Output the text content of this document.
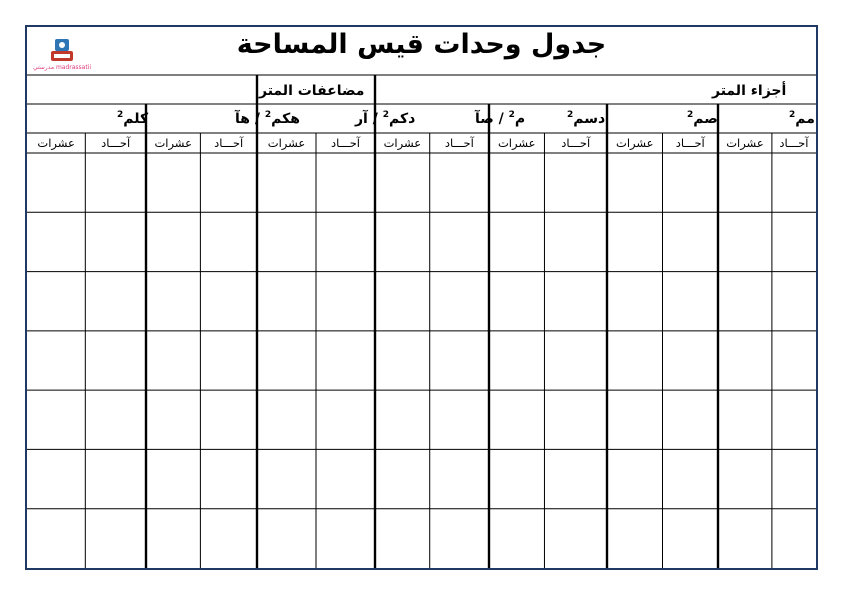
مدرستي madrassatii
جدول وحدات قيس المساحة
مضاعفات المتر	أجزاء المتر
كلم$^2$	هكم$^2$ / هآ	دكم$^2$ / آر	م$^2$ / صآ	دسم$^2$	صم$^2$	مم$^2$
عشرات آحـــاد عشرات آحـــاد عشرات آحـــاد عشرات آحـــاد عشرات آحـــاد عشرات آحـــاد عشرات آحـــاد
